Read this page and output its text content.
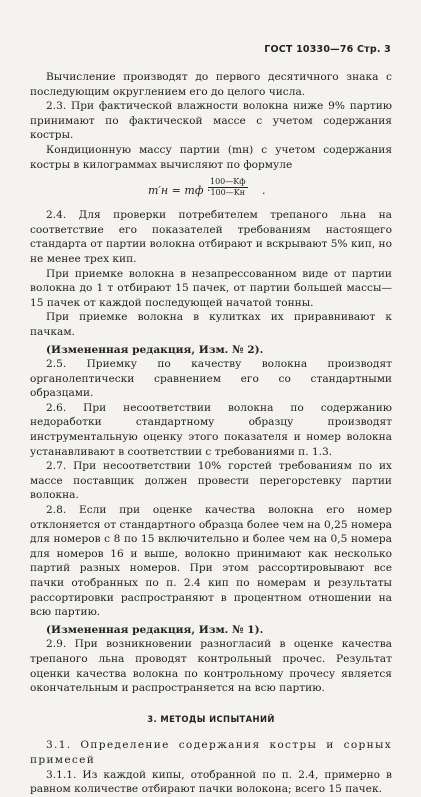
ГОСТ 10330—76 Стр. 3

Вычисление производят до первого десятичного знака с последующим округлением его до целого числа.

2.3. При фактической влажности волокна ниже 9% партию принимают по фактической массе с учетом содержания костры.

Кондиционную массу партии (mн) с учетом содержания костры в килограммах вычисляют по формуле

m′н = mф ·
100—Kф
100—Kн .

2.4. Для проверки потребителем трепаного льна на соответствие его показателей требованиям настоящего стандарта от партии волокна отбирают и вскрывают 5% кип, но не менее трех кип.

При приемке волокна в незапрессованном виде от партии волокна до 1 т отбирают 15 пачек, от партии большей массы—15 пачек от каждой последующей начатой тонны.

При приемке волокна в кулитках их приравнивают к пачкам.

(Измененная редакция, Изм. № 2).

2.5. Приемку по качеству волокна производят органолептически сравнением его со стандартными образцами.

2.6. При несоответствии волокна по содержанию недоработки стандартному образцу производят инструментальную оценку этого показателя и номер волокна устанавливают в соответствии с требованиями п. 1.3.

2.7. При несоответствии 10% горстей требованиям по их массе поставщик должен провести перегорстевку партии волокна.

2.8. Если при оценке качества волокна его номер отклоняется от стандартного образца более чем на 0,25 номера для номеров с 8 по 15 включительно и более чем на 0,5 номера для номеров 16 и выше, волокно принимают как несколько партий разных номеров. При этом рассортировывают все пачки отобранных по п. 2.4 кип по номерам и результаты рассортировки распространяют в процентном отношении на всю партию.

(Измененная редакция, Изм. № 1).

2.9. При возникновении разногласий в оценке качества трепаного льна проводят контрольный прочес. Результат оценки качества волокна по контрольному прочесу является окончательным и распространяется на всю партию.

3. МЕТОДЫ ИСПЫТАНИЙ

3.1. Определение содержания костры и сорных примесей

3.1.1. Из каждой кипы, отобранной по п. 2.4, примерно в равном количестве отбирают пачки волокона; всего 15 пачек.
